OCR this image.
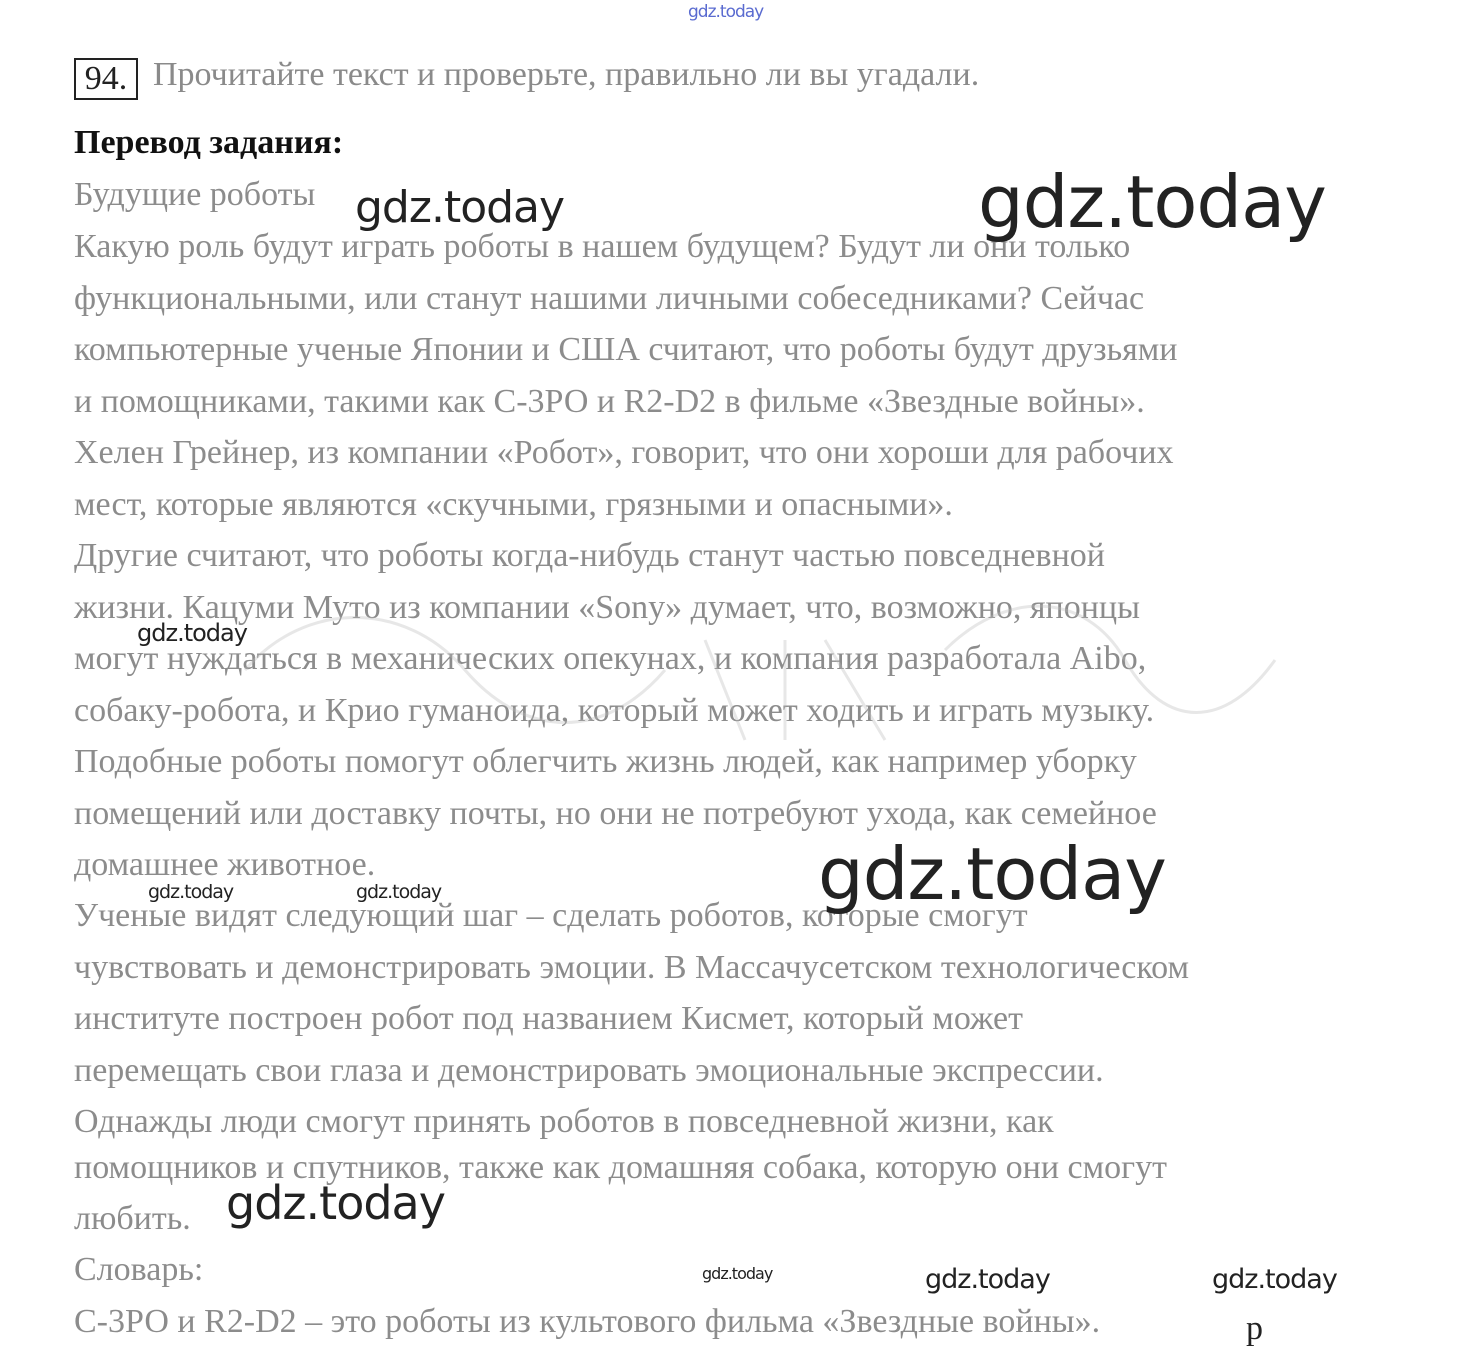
gdz.today
94. Прочитайте текст и проверьте, правильно ли вы угадали.
Перевод задания:
Будущие роботы
Какую роль будут играть роботы в нашем будущем? Будут ли они только
функциональными, или станут нашими личными собеседниками? Сейчас
компьютерные ученые Японии и США считают, что роботы будут друзьями
и помощниками, такими как С-3РО и R2-D2 в фильме «Звездные войны».
Хелен Грейнер, из компании «Робот», говорит, что они хороши для рабочих
мест, которые являются «скучными, грязными и опасными».
Другие считают, что роботы когда-нибудь станут частью повседневной
жизни. Кацуми Муто из компании «Sony» думает, что, возможно, японцы
могут нуждаться в механических опекунах, и компания разработала Aibo,
собаку-робота, и Крио гуманоида, который может ходить и играть музыку.
Подобные роботы помогут облегчить жизнь людей, как например уборку
помещений или доставку почты, но они не потребуют ухода, как семейное
домашнее животное.
Ученые видят следующий шаг – сделать роботов, которые смогут
чувствовать и демонстрировать эмоции. В Массачусетском технологическом
институте построен робот под названием Кисмет, который может
перемещать свои глаза и демонстрировать эмоциональные экспрессии.
Однажды люди смогут принять роботов в повседневной жизни, как
помощников и спутников, также как домашняя собака, которую они смогут
любить.
Словарь:
С-3РО и R2-D2 – это роботы из культового фильма «Звездные войны».
gdz.today	gdz.today
gdz.today
gdz.today
gdz.today	gdz.today
gdz.today
gdz.today	gdz.today	gdz.today
р
